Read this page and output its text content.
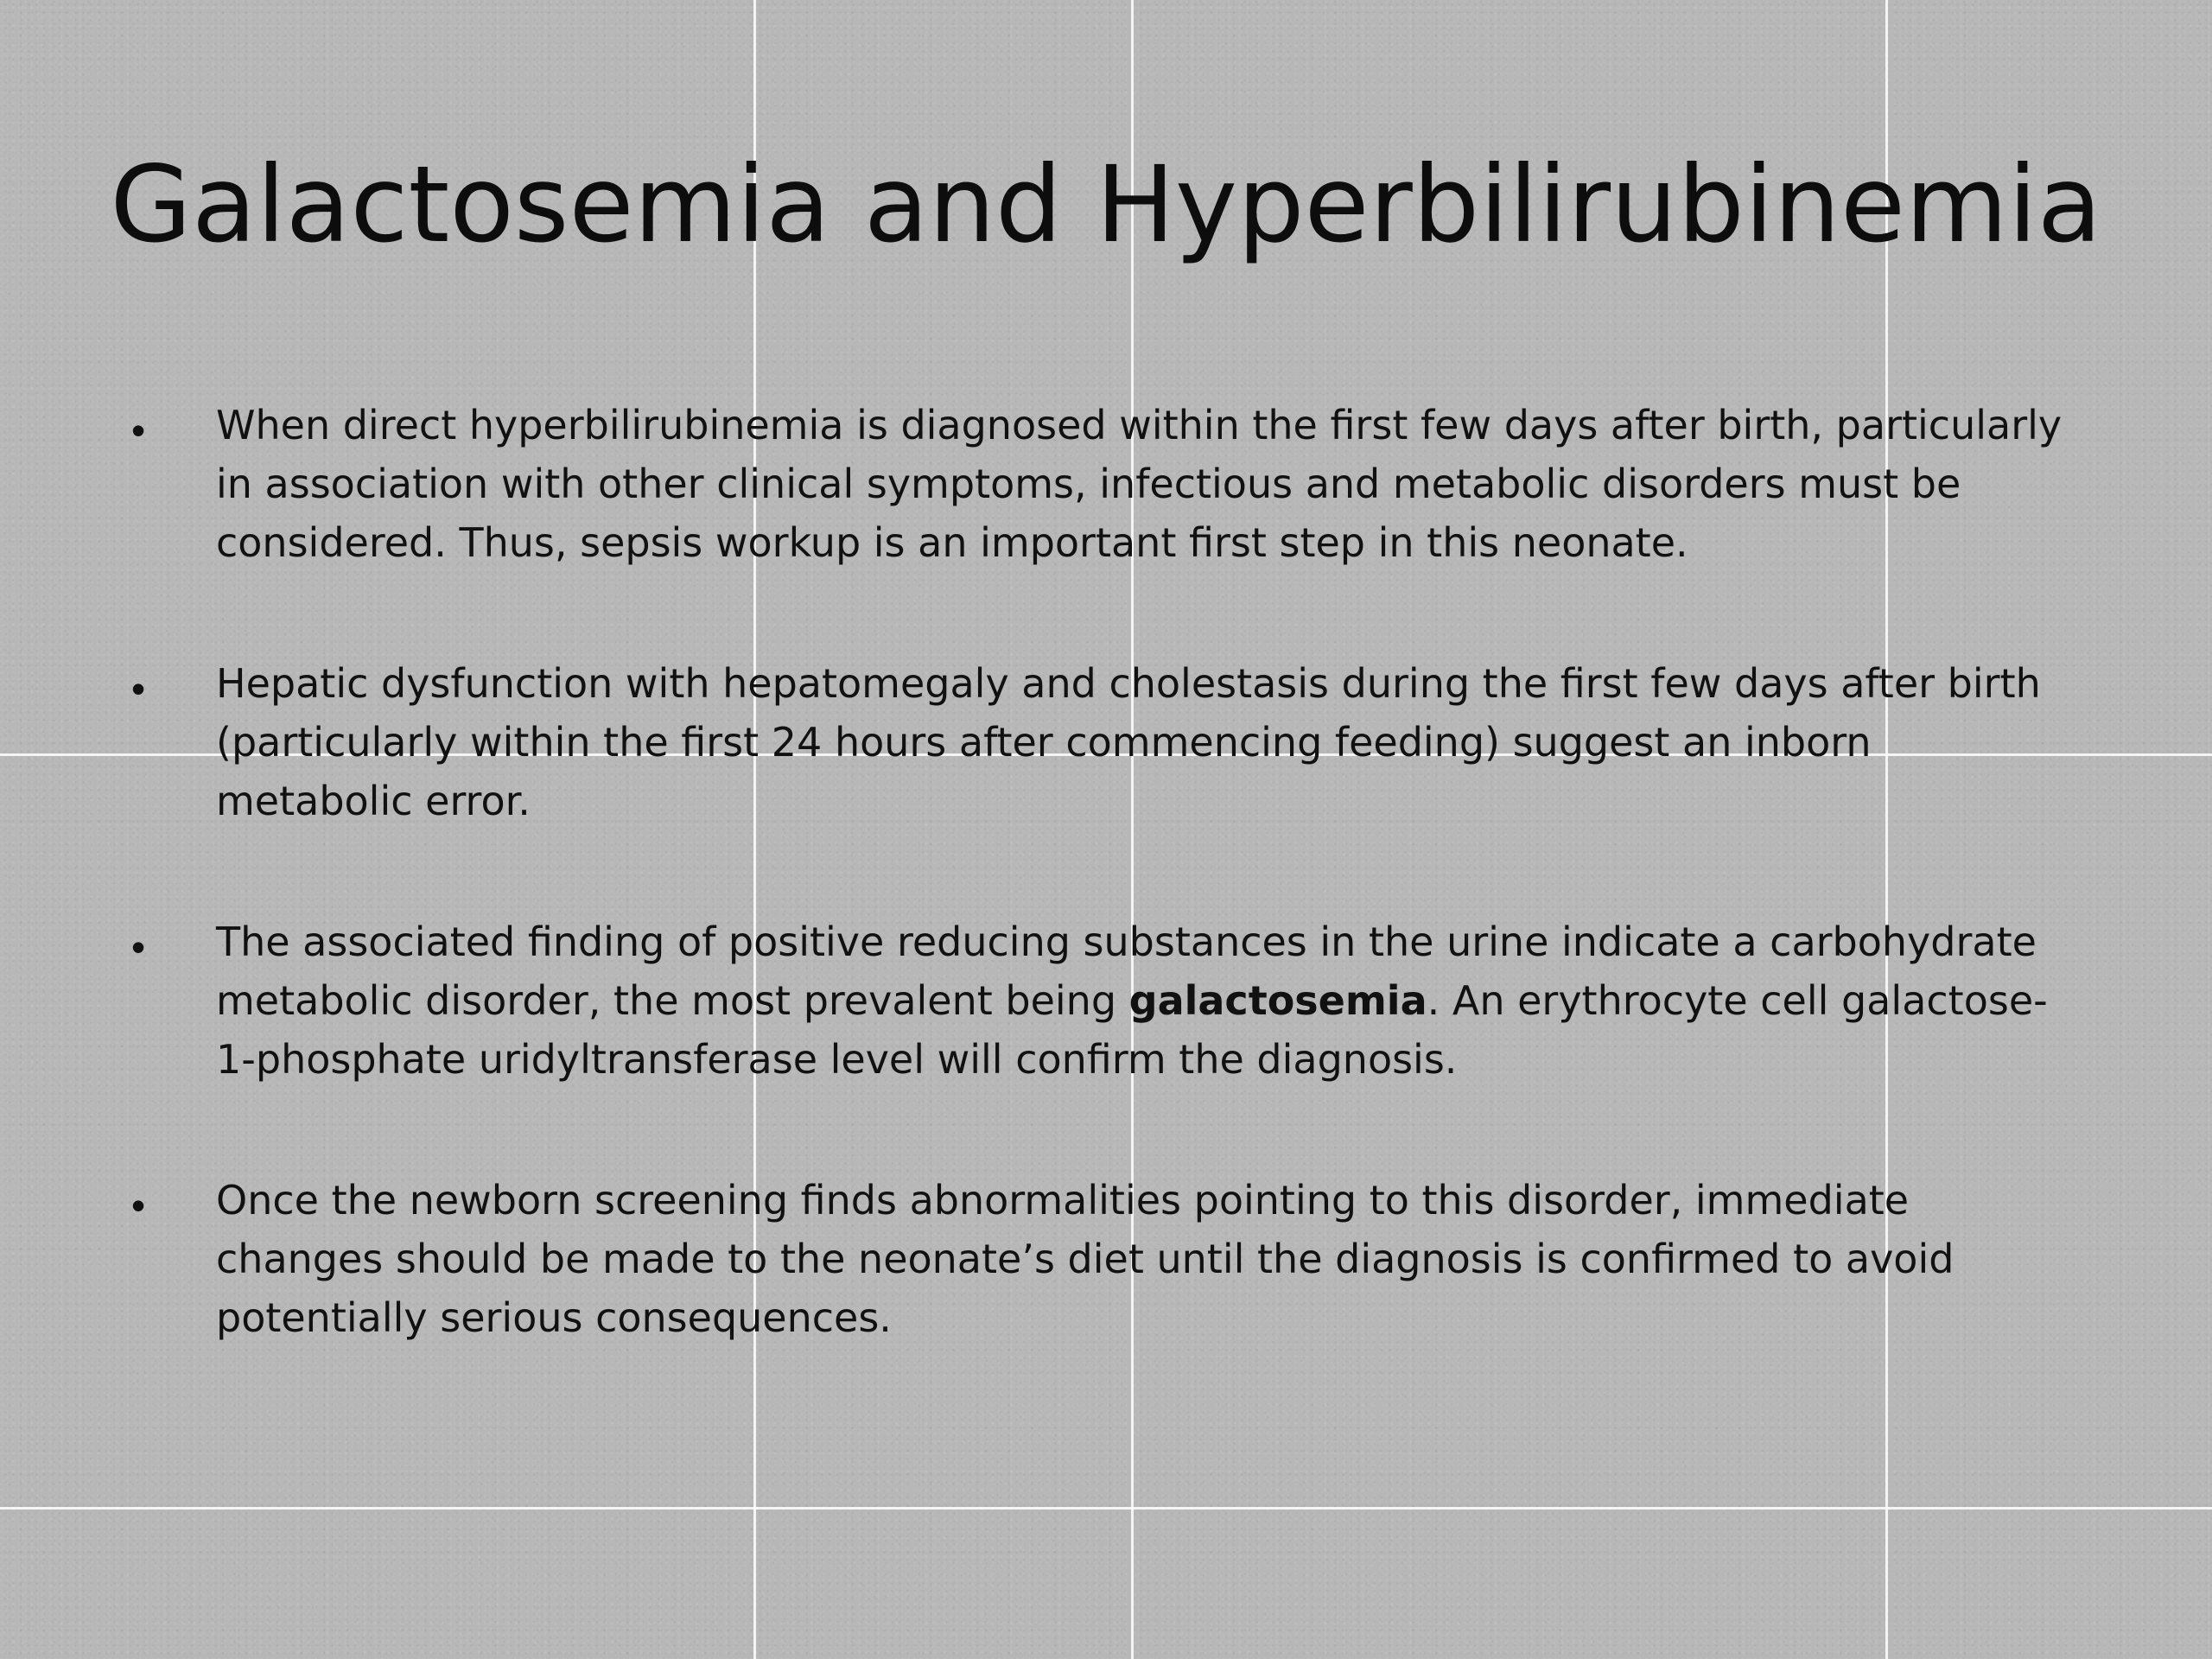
Galactosemia and Hyperbilirubinemia
• When direct hyperbilirubinemia is diagnosed within the first few days after birth, particularly in association with other clinical symptoms, infectious and metabolic disorders must be considered. Thus, sepsis workup is an important first step in this neonate.
• Hepatic dysfunction with hepatomegaly and cholestasis during the first few days after birth (particularly within the first 24 hours after commencing feeding) suggest an inborn metabolic error.
• The associated finding of positive reducing substances in the urine indicate a carbohydrate metabolic disorder, the most prevalent being galactosemia. An erythrocyte cell galactose-1-phosphate uridyltransferase level will confirm the diagnosis.
• Once the newborn screening finds abnormalities pointing to this disorder, immediate changes should be made to the neonate’s diet until the diagnosis is confirmed to avoid potentially serious consequences.
